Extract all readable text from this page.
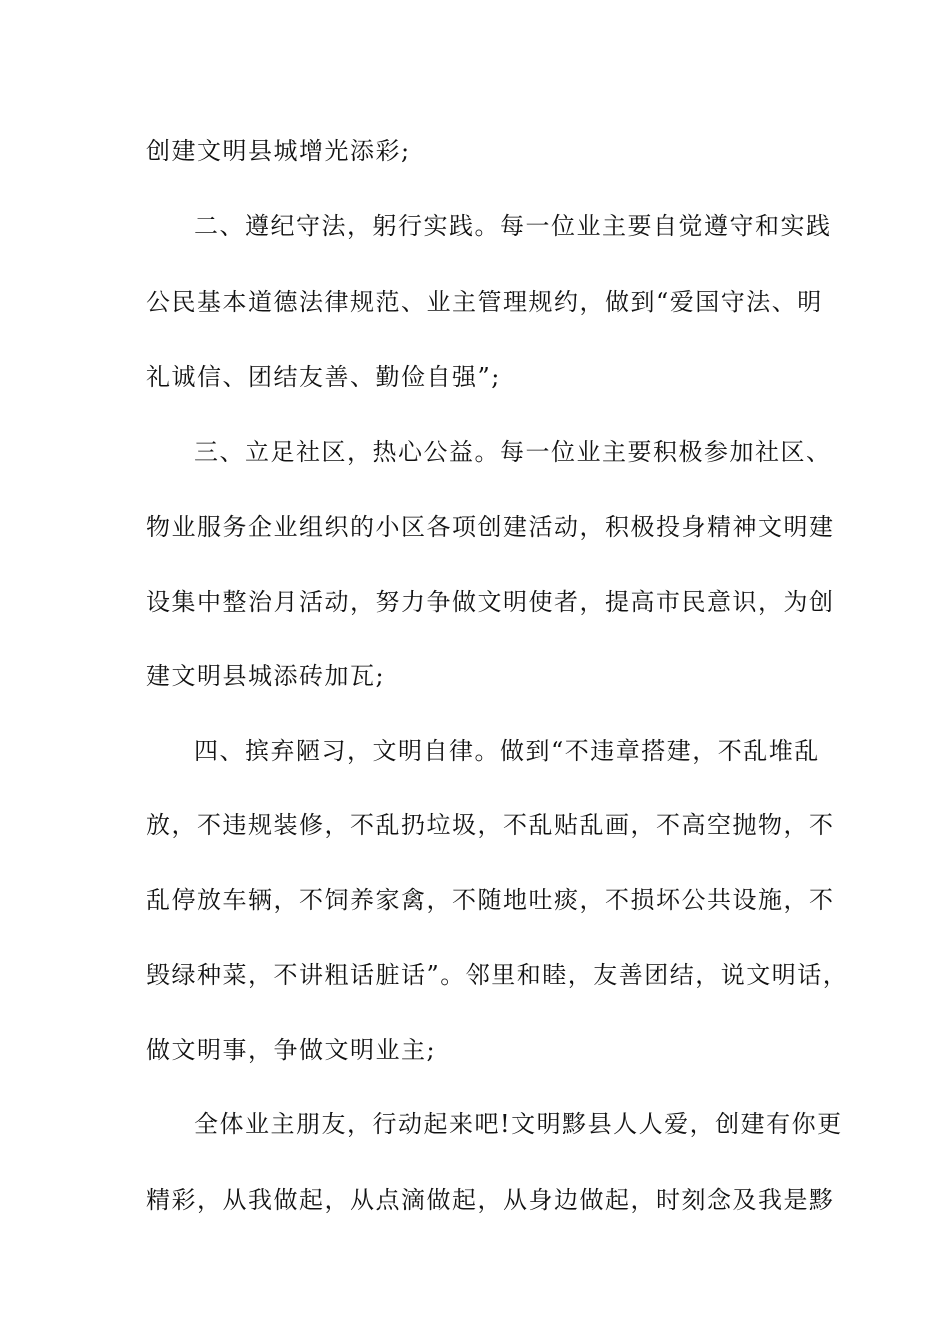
创建文明县城增光添彩;
二、遵纪守法，躬行实践。每一位业主要自觉遵守和实践
公民基本道德法律规范、业主管理规约，做到“爱国守法、明
礼诚信、团结友善、勤俭自强”;
三、立足社区，热心公益。每一位业主要积极参加社区、
物业服务企业组织的小区各项创建活动，积极投身精神文明建
设集中整治月活动，努力争做文明使者，提高市民意识，为创
建文明县城添砖加瓦;
四、摈弃陋习，文明自律。做到“不违章搭建，不乱堆乱
放，不违规装修，不乱扔垃圾，不乱贴乱画，不高空抛物，不
乱停放车辆，不饲养家禽，不随地吐痰，不损坏公共设施，不
毁绿种菜，不讲粗话脏话”。邻里和睦，友善团结，说文明话，
做文明事，争做文明业主;
全体业主朋友，行动起来吧!文明黟县人人爱，创建有你更
精彩，从我做起，从点滴做起，从身边做起，时刻念及我是黟
